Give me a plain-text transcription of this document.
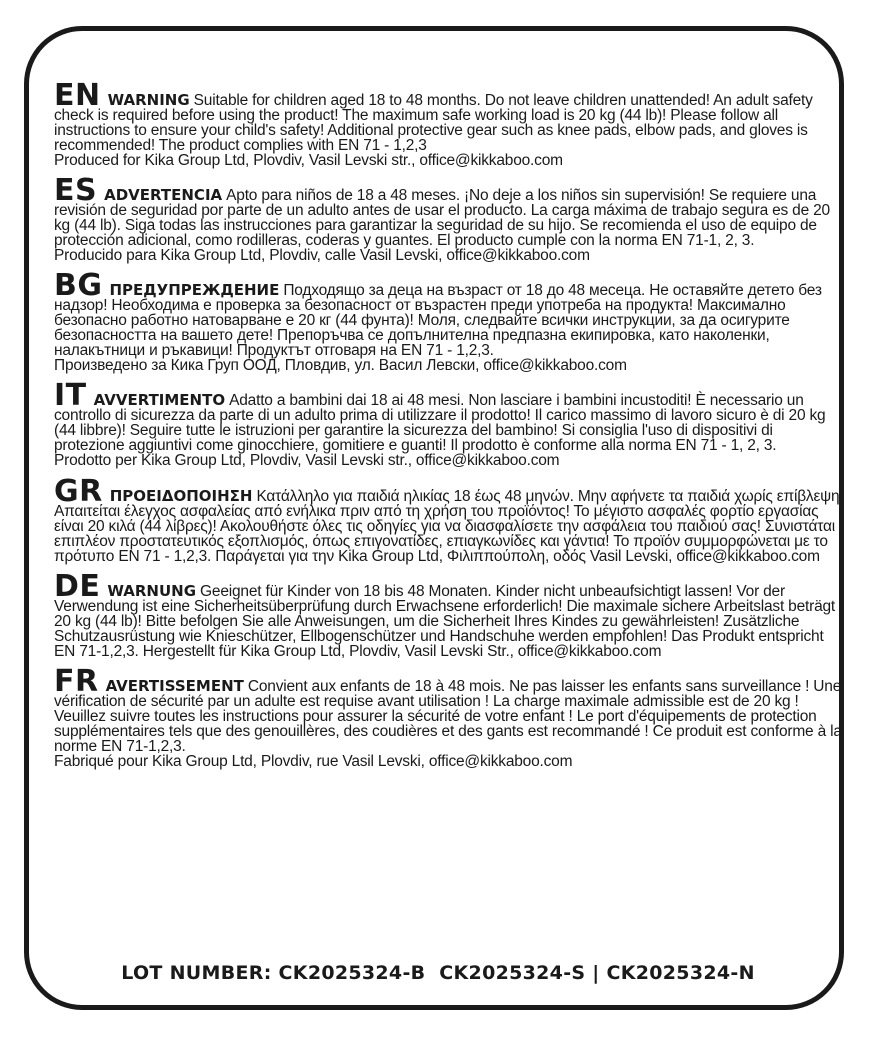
EN WARNING Suitable for children aged 18 to 48 months. Do not leave children unattended! An adult safety check is required before using the product! The maximum safe working load is 20 kg (44 lb)! Please follow all instructions to ensure your child's safety! Additional protective gear such as knee pads, elbow pads, and gloves is recommended! The product complies with EN 71 - 1,2,3
Produced for Kika Group Ltd, Plovdiv, Vasil Levski str., office@kikkaboo.com

ES ADVERTENCIA Apto para niños de 18 a 48 meses. ¡No deje a los niños sin supervisión! Se requiere una revisión de seguridad por parte de un adulto antes de usar el producto. La carga máxima de trabajo segura es de 20 kg (44 lb). Siga todas las instrucciones para garantizar la seguridad de su hijo. Se recomienda el uso de equipo de protección adicional, como rodilleras, coderas y guantes. El producto cumple con la norma EN 71-1, 2, 3.
Producido para Kika Group Ltd, Plovdiv, calle Vasil Levski, office@kikkaboo.com

BG ПРЕДУПРЕЖДЕНИЕ Подходящо за деца на възраст от 18 до 48 месеца. Не оставяйте детето без надзор! Необходима е проверка за безопасност от възрастен преди употреба на продукта! Максимално безопасно работно натоварване е 20 кг (44 фунта)! Моля, следвайте всички инструкции, за да осигурите безопасността на вашето дете! Препоръчва се допълнителна предпазна екипировка, като наколенки, налакътници и ръкавици! Продуктът отговаря на EN 71 - 1,2,3.
Произведено за Кика Груп ООД, Пловдив, ул. Васил Левски, office@kikkaboo.com

IT AVVERTIMENTO Adatto a bambini dai 18 ai 48 mesi. Non lasciare i bambini incustoditi! È necessario un controllo di sicurezza da parte di un adulto prima di utilizzare il prodotto! Il carico massimo di lavoro sicuro è di 20 kg (44 libbre)! Seguire tutte le istruzioni per garantire la sicurezza del bambino! Si consiglia l'uso di dispositivi di protezione aggiuntivi come ginocchiere, gomitiere e guanti! Il prodotto è conforme alla norma EN 71 - 1, 2, 3.
Prodotto per Kika Group Ltd, Plovdiv, Vasil Levski str., office@kikkaboo.com

GR ΠΡΟΕΙΔΟΠΟΙΗΣΗ Κατάλληλο για παιδιά ηλικίας 18 έως 48 μηνών. Μην αφήνετε τα παιδιά χωρίς επίβλεψη! Απαιτείται έλεγχος ασφαλείας από ενήλικα πριν από τη χρήση του προϊόντος! Το μέγιστο ασφαλές φορτίο εργασίας είναι 20 κιλά (44 λίβρες)! Ακολουθήστε όλες τις οδηγίες για να διασφαλίσετε την ασφάλεια του παιδιού σας! Συνιστάται επιπλέον προστατευτικός εξοπλισμός, όπως επιγονατίδες, επιαγκωνίδες και γάντια! Το προϊόν συμμορφώνεται με το πρότυπο EN 71 - 1,2,3. Παράγεται για την Kika Group Ltd, Φιλιππούπολη, οδός Vasil Levski, office@kikkaboo.com

DE WARNUNG Geeignet für Kinder von 18 bis 48 Monaten. Kinder nicht unbeaufsichtigt lassen! Vor der Verwendung ist eine Sicherheitsüberprüfung durch Erwachsene erforderlich! Die maximale sichere Arbeitslast beträgt 20 kg (44 lb)! Bitte befolgen Sie alle Anweisungen, um die Sicherheit Ihres Kindes zu gewährleisten! Zusätzliche Schutzausrüstung wie Knieschützer, Ellbogenschützer und Handschuhe werden empfohlen! Das Produkt entspricht EN 71-1,2,3. Hergestellt für Kika Group Ltd, Plovdiv, Vasil Levski Str., office@kikkaboo.com

FR AVERTISSEMENT Convient aux enfants de 18 à 48 mois. Ne pas laisser les enfants sans surveillance ! Une vérification de sécurité par un adulte est requise avant utilisation ! La charge maximale admissible est de 20 kg ! Veuillez suivre toutes les instructions pour assurer la sécurité de votre enfant ! Le port d'équipements de protection supplémentaires tels que des genouillères, des coudières et des gants est recommandé ! Ce produit est conforme à la norme EN 71-1,2,3.
Fabriqué pour Kika Group Ltd, Plovdiv, rue Vasil Levski, office@kikkaboo.com

LOT NUMBER: CK2025324-B CK2025324-S | CK2025324-N
